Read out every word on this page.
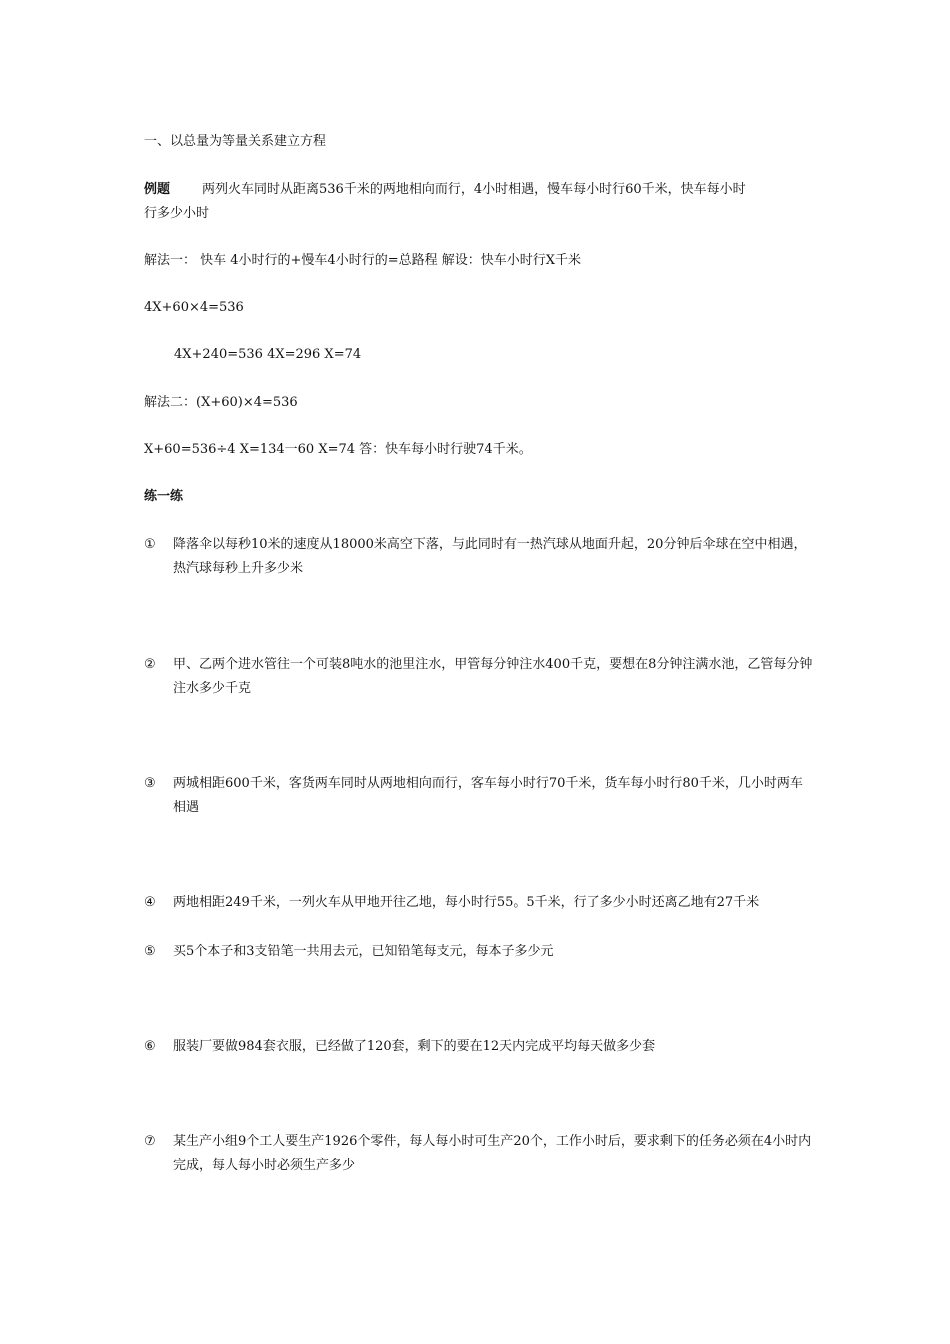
一、以总量为等量关系建立方程
例题 两列火车同时从距离536千米的两地相向而行，4小时相遇，慢车每小时行60千米，快车每小时
行多少小时
解法一： 快车 4小时行的+慢车4小时行的=总路程 解设：快车小时行X千米
4X+60×4=536
4X+240=536 4X=296 X=74
解法二：(X+60)×4=536
X+60=536÷4 X=134一60 X=74 答：快车每小时行驶74千米。
练一练
①	降落伞以每秒10米的速度从18000米高空下落，与此同时有一热汽球从地面升起，20分钟后伞球在空中相遇，热汽球每秒上升多少米
②	甲、乙两个进水管往一个可装8吨水的池里注水，甲管每分钟注水400千克，要想在8分钟注满水池，乙管每分钟注水多少千克
③	两城相距600千米，客货两车同时从两地相向而行，客车每小时行70千米，货车每小时行80千米，几小时两车相遇
④	两地相距249千米，一列火车从甲地开往乙地，每小时行55。5千米，行了多少小时还离乙地有27千米
⑤	买5个本子和3支铅笔一共用去元，已知铅笔每支元，每本子多少元
⑥	服装厂要做984套衣服，已经做了120套，剩下的要在12天内完成平均每天做多少套
⑦	某生产小组9个工人要生产1926个零件，每人每小时可生产20个，工作小时后，要求剩下的任务必须在4小时内完成，每人每小时必须生产多少
